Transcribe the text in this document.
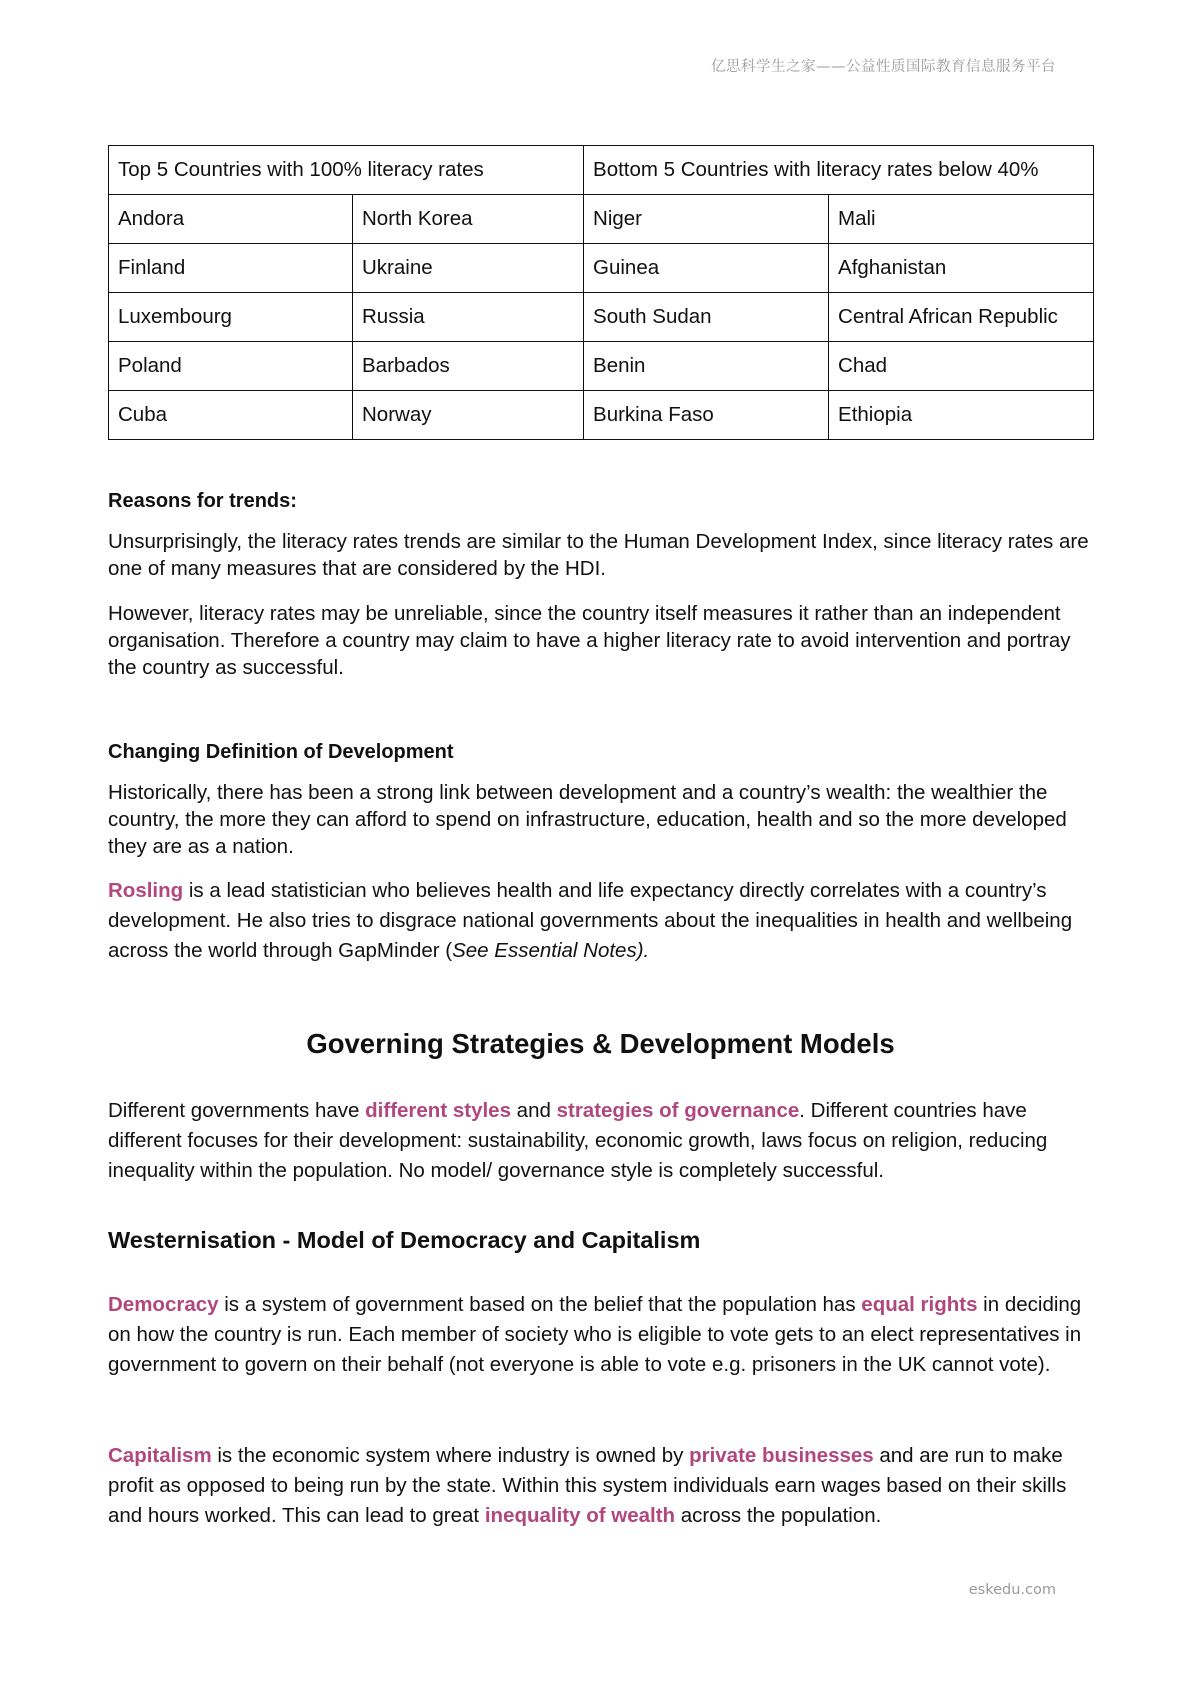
亿思科学生之家——公益性质国际教育信息服务平台
Top 5 Countries with 100% literacy rates		Bottom 5 Countries with literacy rates below 40%	
Andora	North Korea	Niger	Mali
Finland	Ukraine	Guinea	Afghanistan
Luxembourg	Russia	South Sudan	Central African Republic
Poland	Barbados	Benin	Chad
Cuba	Norway	Burkina Faso	Ethiopia
Reasons for trends:

Unsurprisingly, the literacy rates trends are similar to the Human Development Index, since literacy rates are one of many measures that are considered by the HDI.

However, literacy rates may be unreliable, since the country itself measures it rather than an independent organisation. Therefore a country may claim to have a higher literacy rate to avoid intervention and portray the country as successful.

Changing Definition of Development

Historically, there has been a strong link between development and a country’s wealth: the wealthier the country, the more they can afford to spend on infrastructure, education, health and so the more developed they are as a nation.

Rosling is a lead statistician who believes health and life expectancy directly correlates with a country’s development. He also tries to disgrace national governments about the inequalities in health and wellbeing across the world through GapMinder (See Essential Notes).

Governing Strategies & Development Models

Different governments have different styles and strategies of governance. Different countries have different focuses for their development: sustainability, economic growth, laws focus on religion, reducing inequality within the population. No model/ governance style is completely successful.

Westernisation - Model of Democracy and Capitalism

Democracy is a system of government based on the belief that the population has equal rights in deciding on how the country is run. Each member of society who is eligible to vote gets to an elect representatives in government to govern on their behalf (not everyone is able to vote e.g. prisoners in the UK cannot vote).

Capitalism is the economic system where industry is owned by private businesses and are run to make profit as opposed to being run by the state. Within this system individuals earn wages based on their skills and hours worked. This can lead to great inequality of wealth across the population.

eskedu.com
